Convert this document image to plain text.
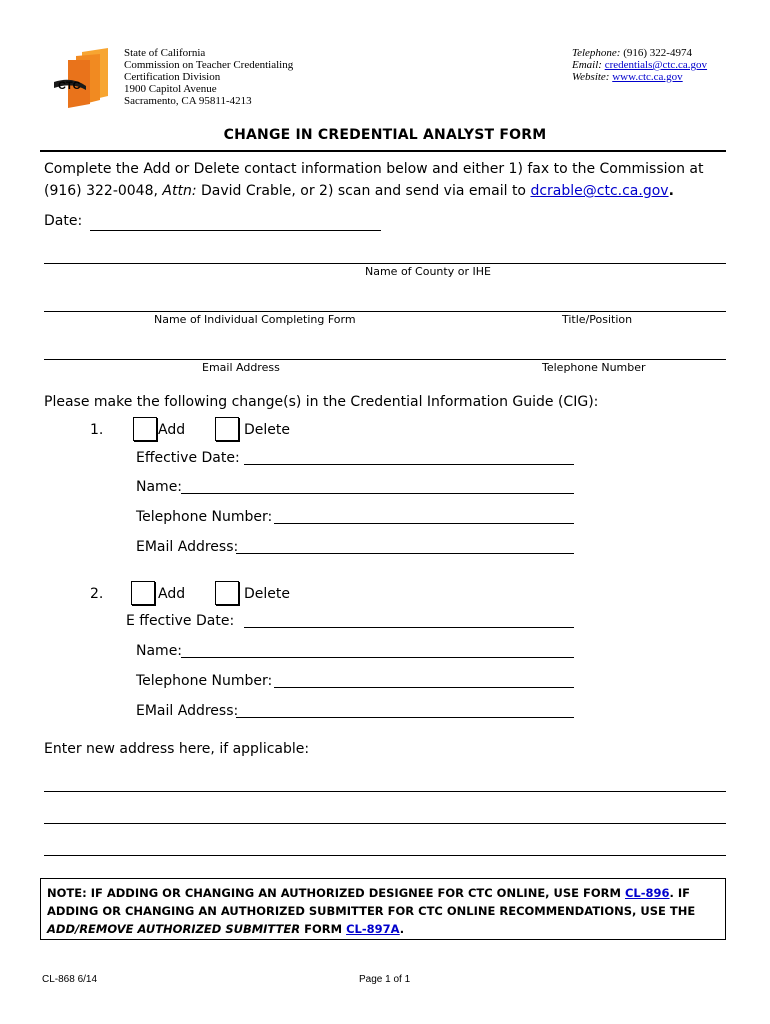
CTC
State of California
Commission on Teacher Credentialing
Certification Division
1900 Capitol Avenue
Sacramento, CA 95811-4213
Telephone: (916) 322-4974
Email: credentials@ctc.ca.gov
Website: www.ctc.ca.gov
CHANGE IN CREDENTIAL ANALYST FORM
Complete the Add or Delete contact information below and either 1) fax to the Commission at
(916) 322-0048, Attn: David Crable, or 2) scan and send via email to dcrable@ctc.ca.gov.
Date:
Name of County or IHE
Name of Individual Completing Form	Title/Position
Email Address	Telephone Number
Please make the following change(s) in the Credential Information Guide (CIG):
1.	Add	Delete
Effective Date:
Name:
Telephone Number:
EMail Address:
2.	Add	Delete
E ffective Date:
Name:
Telephone Number:
EMail Address:
Enter new address here, if applicable:
NOTE: IF ADDING OR CHANGING AN AUTHORIZED DESIGNEE FOR CTC ONLINE, USE FORM CL-896. IF ADDING OR CHANGING AN AUTHORIZED SUBMITTER FOR CTC ONLINE RECOMMENDATIONS, USE THE ADD/REMOVE AUTHORIZED SUBMITTER FORM CL-897A.
CL-868 6/14	Page 1 of 1
